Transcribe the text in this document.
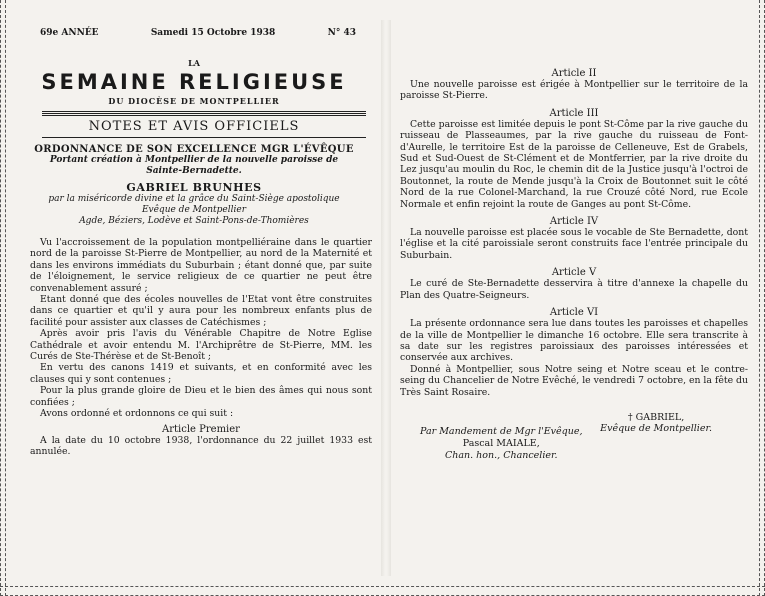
69e ANNÉE	Samedi 15 Octobre 1938	N° 43
LA
SEMAINE RELIGIEUSE
DU DIOCÈSE DE MONTPELLIER
NOTES ET AVIS OFFICIELS
ORDONNANCE DE SON EXCELLENCE MGR L'ÉVÊQUE
Portant création à Montpellier de la nouvelle paroisse de
Sainte-Bernadette.
GABRIEL BRUNHES
par la miséricorde divine et la grâce du Saint-Siège apostolique
Evêque de Montpellier
Agde, Béziers, Lodève et Saint-Pons-de-Thomières

Vu l'accroissement de la population montpelliéraine dans le quartier nord de la paroisse St-Pierre de Montpellier, au nord de la Maternité et dans les environs immédiats du Suburbain ; étant donné que, par suite de l'éloignement, le service religieux de ce quartier ne peut être convenablement assuré ;

Etant donné que des écoles nouvelles de l'Etat vont être construites dans ce quartier et qu'il y aura pour les nombreux enfants plus de facilité pour assister aux classes de Catéchismes ;

Après avoir pris l'avis du Vénérable Chapitre de Notre Eglise Cathédrale et avoir entendu M. l'Archiprêtre de St-Pierre, MM. les Curés de Ste-Thérèse et de St-Benoît ;

En vertu des canons 1419 et suivants, et en conformité avec les clauses qui y sont contenues ;

Pour la plus grande gloire de Dieu et le bien des âmes qui nous sont confiées ;

Avons ordonné et ordonnons ce qui suit :

Article Premier

A la date du 10 octobre 1938, l'ordonnance du 22 juillet 1933 est annulée.

Article II

Une nouvelle paroisse est érigée à Montpellier sur le territoire de la paroisse St-Pierre.

Article III

Cette paroisse est limitée depuis le pont St-Côme par la rive gauche du ruisseau de Plasseaumes, par la rive gauche du ruisseau de Font-d'Aurelle, le territoire Est de la paroisse de Celleneuve, Est de Grabels, Sud et Sud-Ouest de St-Clément et de Montferrier, par la rive droite du Lez jusqu'au moulin du Roc, le chemin dit de la Justice jusqu'à l'octroi de Boutonnet, la route de Mende jusqu'à la Croix de Boutonnet suit le côté Nord de la rue Colonel-Marchand, la rue Crouzé côté Nord, rue Ecole Normale et enfin rejoint la route de Ganges au pont St-Côme.

Article IV

La nouvelle paroisse est placée sous le vocable de Ste Bernadette, dont l'église et la cité paroissiale seront construits face l'entrée principale du Suburbain.

Article V

Le curé de Ste-Bernadette desservira à titre d'annexe la chapelle du Plan des Quatre-Seigneurs.

Article VI

La présente ordonnance sera lue dans toutes les paroisses et chapelles de la ville de Montpellier le dimanche 16 octobre. Elle sera transcrite à sa date sur les registres paroissiaux des paroisses intéressées et conservée aux archives.

Donné à Montpellier, sous Notre seing et Notre sceau et le contre-seing du Chancelier de Notre Evêché, le vendredi 7 octobre, en la fête du Très Saint Rosaire.

† GABRIEL,
Evêque de Montpellier.
Par Mandement de Mgr l'Evêque,
Pascal MAIALE,
Chan. hon., Chancelier.
